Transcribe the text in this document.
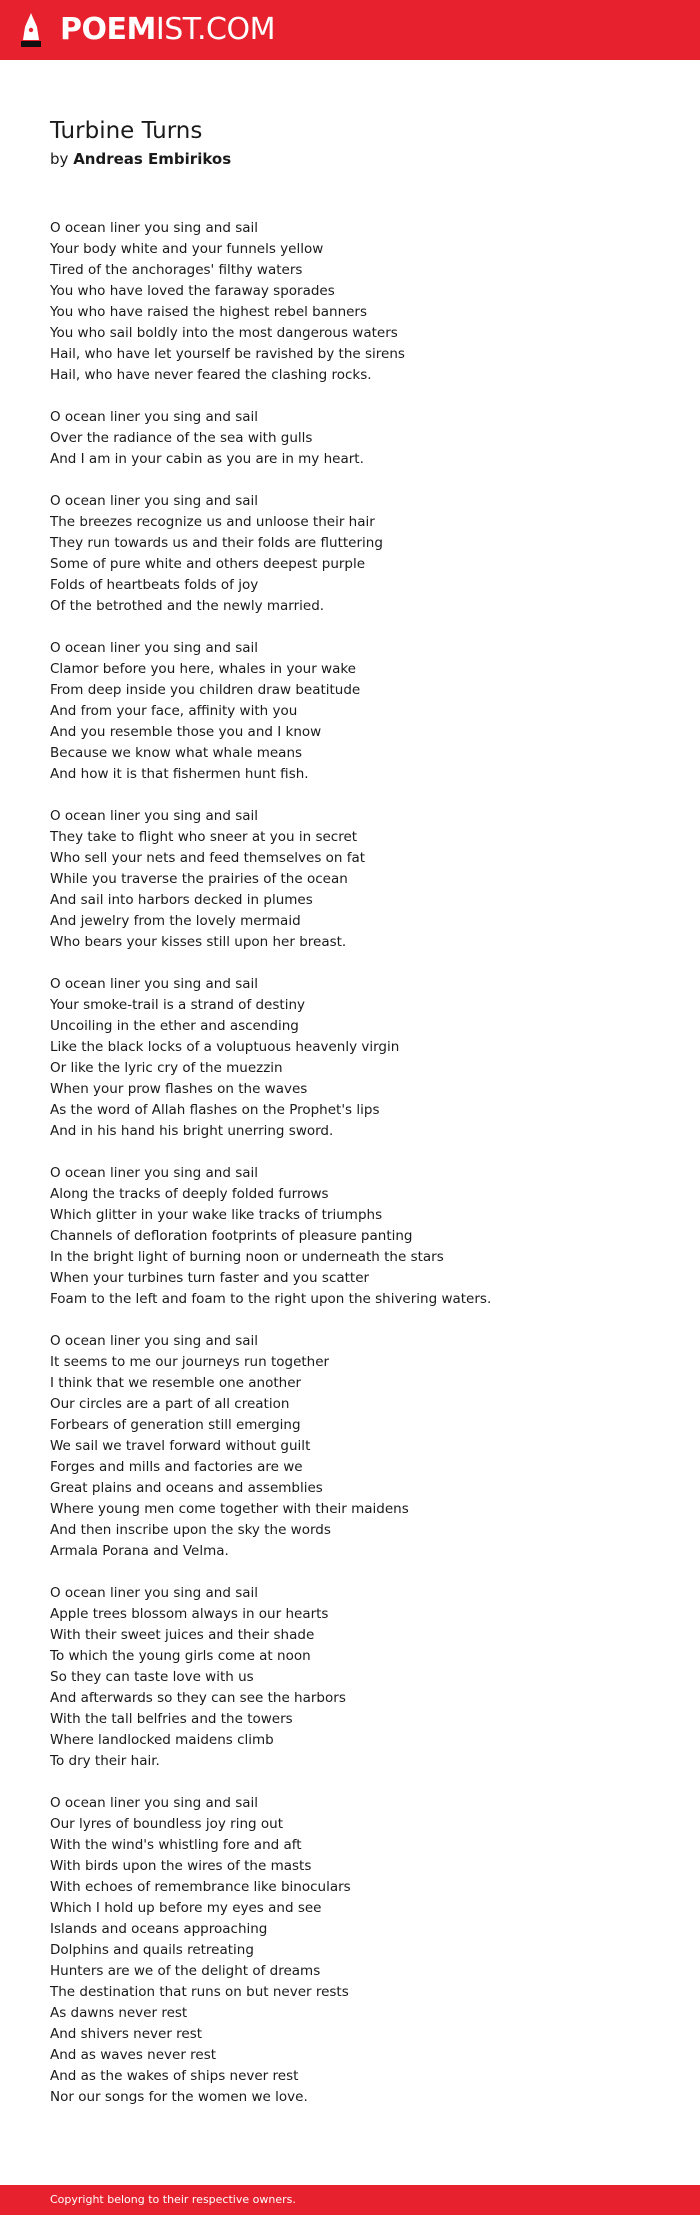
POEMIST.COM
Turbine Turns
by Andreas Embirikos
O ocean liner you sing and sail
Your body white and your funnels yellow
Tired of the anchorages' filthy waters
You who have loved the faraway sporades
You who have raised the highest rebel banners
You who sail boldly into the most dangerous waters
Hail, who have let yourself be ravished by the sirens
Hail, who have never feared the clashing rocks.
O ocean liner you sing and sail
Over the radiance of the sea with gulls
And I am in your cabin as you are in my heart.
O ocean liner you sing and sail
The breezes recognize us and unloose their hair
They run towards us and their folds are fluttering
Some of pure white and others deepest purple
Folds of heartbeats folds of joy
Of the betrothed and the newly married.
O ocean liner you sing and sail
Clamor before you here, whales in your wake
From deep inside you children draw beatitude
And from your face, affinity with you
And you resemble those you and I know
Because we know what whale means
And how it is that fishermen hunt fish.
O ocean liner you sing and sail
They take to flight who sneer at you in secret
Who sell your nets and feed themselves on fat
While you traverse the prairies of the ocean
And sail into harbors decked in plumes
And jewelry from the lovely mermaid
Who bears your kisses still upon her breast.
O ocean liner you sing and sail
Your smoke-trail is a strand of destiny
Uncoiling in the ether and ascending
Like the black locks of a voluptuous heavenly virgin
Or like the lyric cry of the muezzin
When your prow flashes on the waves
As the word of Allah flashes on the Prophet's lips
And in his hand his bright unerring sword.
O ocean liner you sing and sail
Along the tracks of deeply folded furrows
Which glitter in your wake like tracks of triumphs
Channels of defloration footprints of pleasure panting
In the bright light of burning noon or underneath the stars
When your turbines turn faster and you scatter
Foam to the left and foam to the right upon the shivering waters.
O ocean liner you sing and sail
It seems to me our journeys run together
I think that we resemble one another
Our circles are a part of all creation
Forbears of generation still emerging
We sail we travel forward without guilt
Forges and mills and factories are we
Great plains and oceans and assemblies
Where young men come together with their maidens
And then inscribe upon the sky the words
Armala Porana and Velma.
O ocean liner you sing and sail
Apple trees blossom always in our hearts
With their sweet juices and their shade
To which the young girls come at noon
So they can taste love with us
And afterwards so they can see the harbors
With the tall belfries and the towers
Where landlocked maidens climb
To dry their hair.
O ocean liner you sing and sail
Our lyres of boundless joy ring out
With the wind's whistling fore and aft
With birds upon the wires of the masts
With echoes of remembrance like binoculars
Which I hold up before my eyes and see
Islands and oceans approaching
Dolphins and quails retreating
Hunters are we of the delight of dreams
The destination that runs on but never rests
As dawns never rest
And shivers never rest
And as waves never rest
And as the wakes of ships never rest
Nor our songs for the women we love.
Copyright belong to their respective owners.
